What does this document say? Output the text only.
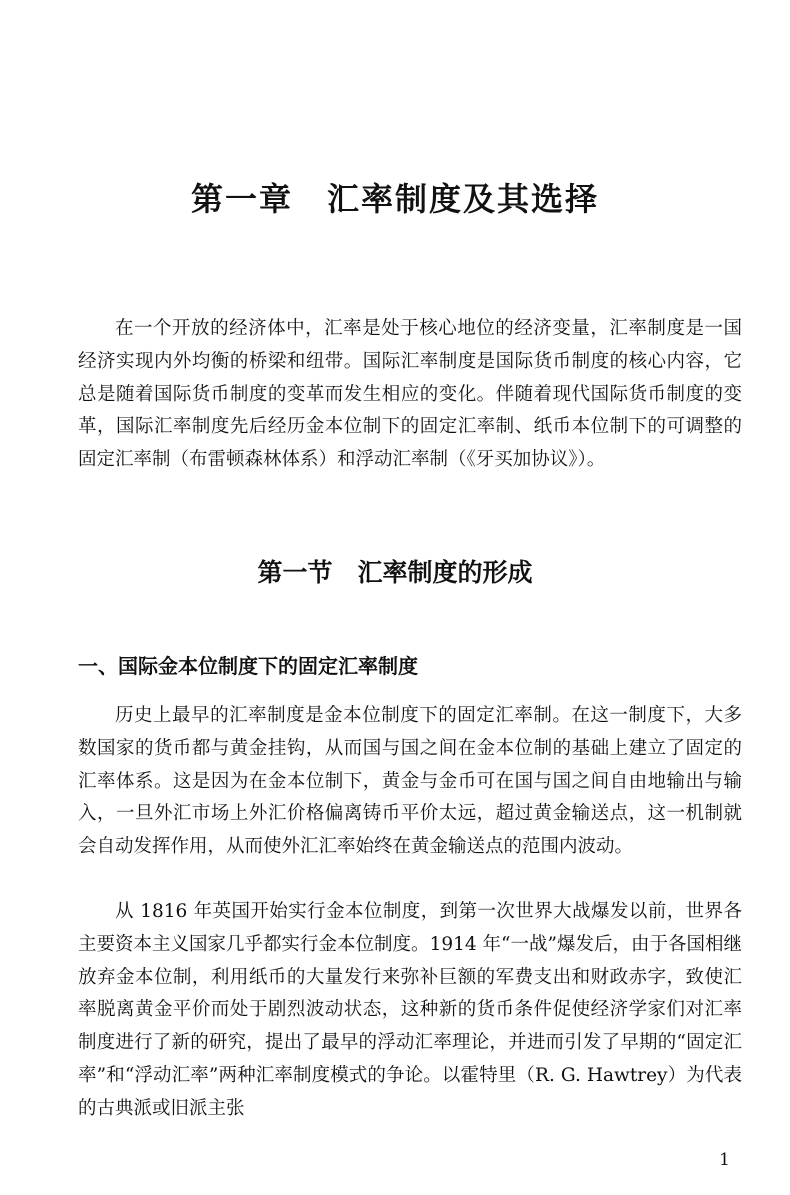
第一章　汇率制度及其选择

在一个开放的经济体中，汇率是处于核心地位的经济变量，汇率制度是一国经济实现内外均衡的桥梁和纽带。国际汇率制度是国际货币制度的核心内容，它总是随着国际货币制度的变革而发生相应的变化。伴随着现代国际货币制度的变革，国际汇率制度先后经历金本位制下的固定汇率制、纸币本位制下的可调整的固定汇率制（布雷顿森林体系）和浮动汇率制（《牙买加协议》）。

第一节　汇率制度的形成
一、国际金本位制度下的固定汇率制度

历史上最早的汇率制度是金本位制度下的固定汇率制。在这一制度下，大多数国家的货币都与黄金挂钩，从而国与国之间在金本位制的基础上建立了固定的汇率体系。这是因为在金本位制下，黄金与金币可在国与国之间自由地输出与输入，一旦外汇市场上外汇价格偏离铸币平价太远，超过黄金输送点，这一机制就会自动发挥作用，从而使外汇汇率始终在黄金输送点的范围内波动。

从 1816 年英国开始实行金本位制度，到第一次世界大战爆发以前，世界各主要资本主义国家几乎都实行金本位制度。1914 年“一战”爆发后，由于各国相继放弃金本位制，利用纸币的大量发行来弥补巨额的军费支出和财政赤字，致使汇率脱离黄金平价而处于剧烈波动状态，这种新的货币条件促使经济学家们对汇率制度进行了新的研究，提出了最早的浮动汇率理论，并进而引发了早期的“固定汇率”和“浮动汇率”两种汇率制度模式的争论。以霍特里（R. G. Hawtrey）为代表的古典派或旧派主张

1
